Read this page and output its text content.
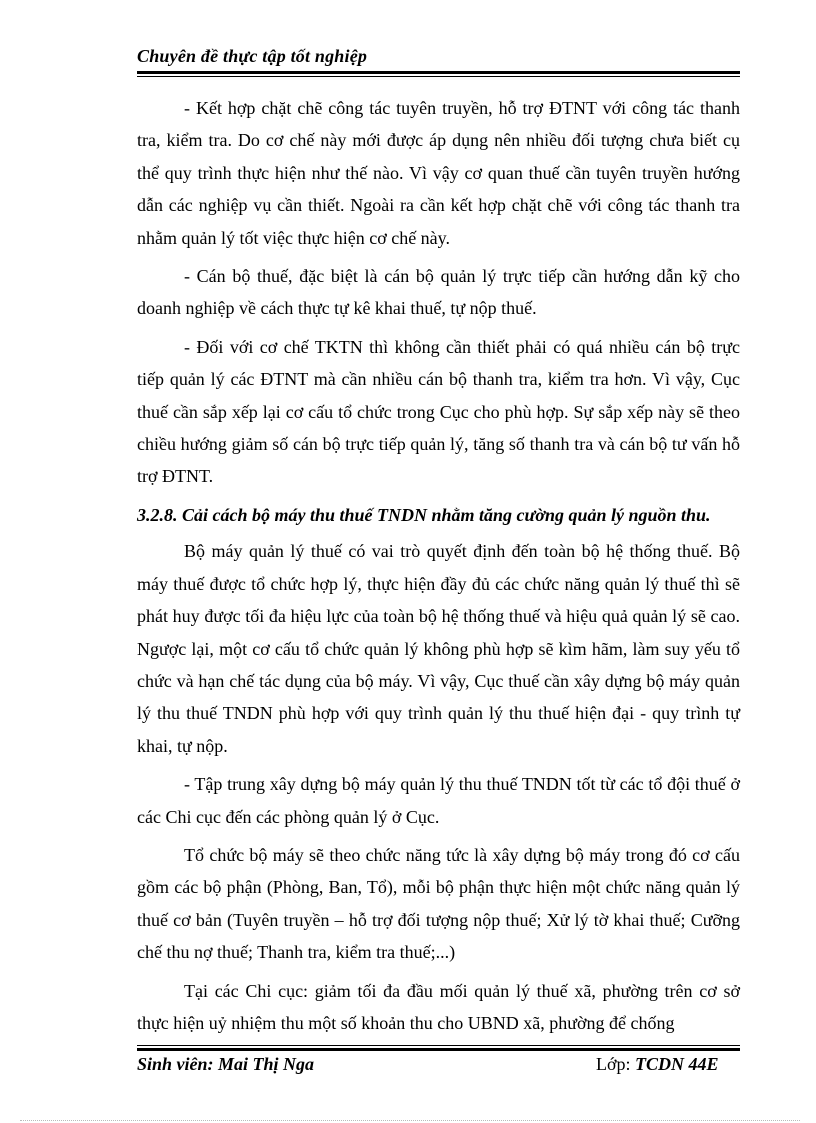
Chuyên đề thực tập tốt nghiệp

- Kết hợp chặt chẽ công tác tuyên truyền, hỗ trợ ĐTNT với công tác thanh tra, kiểm tra. Do cơ chế này mới được áp dụng nên nhiều đối tượng chưa biết cụ thể quy trình thực hiện như thế nào. Vì vậy cơ quan thuế cần tuyên truyền hướng dẫn các nghiệp vụ cần thiết. Ngoài ra cần kết hợp chặt chẽ với công tác thanh tra nhằm quản lý tốt việc thực hiện cơ chế này.

- Cán bộ thuế, đặc biệt là cán bộ quản lý trực tiếp cần hướng dẫn kỹ cho doanh nghiệp về cách thực tự kê khai thuế, tự nộp thuế.

- Đối với cơ chế TKTN thì không cần thiết phải có quá nhiều cán bộ trực tiếp quản lý các ĐTNT mà cần nhiều cán bộ thanh tra, kiểm tra hơn. Vì vậy, Cục thuế cần sắp xếp lại cơ cấu tổ chức trong Cục cho phù hợp. Sự sắp xếp này sẽ theo chiều hướng giảm số cán bộ trực tiếp quản lý, tăng số thanh tra và cán bộ tư vấn hỗ trợ ĐTNT.

3.2.8. Cải cách bộ máy thu thuế TNDN nhằm tăng cường quản lý nguồn thu.

Bộ máy quản lý thuế có vai trò quyết định đến toàn bộ hệ thống thuế. Bộ máy thuế được tổ chức hợp lý, thực hiện đầy đủ các chức năng quản lý thuế thì sẽ phát huy được tối đa hiệu lực của toàn bộ hệ thống thuế và hiệu quả quản lý sẽ cao. Ngược lại, một cơ cấu tổ chức quản lý không phù hợp sẽ kìm hãm, làm suy yếu tổ chức và hạn chế tác dụng của bộ máy. Vì vậy, Cục thuế cần xây dựng bộ máy quản lý thu thuế TNDN phù hợp với quy trình quản lý thu thuế hiện đại - quy trình tự khai, tự nộp.

- Tập trung xây dựng bộ máy quản lý thu thuế TNDN tốt từ các tổ đội thuế ở các Chi cục đến các phòng quản lý ở Cục.

Tổ chức bộ máy sẽ theo chức năng tức là xây dựng bộ máy trong đó cơ cấu gồm các bộ phận (Phòng, Ban, Tổ), mỗi bộ phận thực hiện một chức năng quản lý thuế cơ bản (Tuyên truyền – hỗ trợ đối tượng nộp thuế; Xử lý tờ khai thuế; Cưỡng chế thu nợ thuế; Thanh tra, kiểm tra thuế;...)

Tại các Chi cục: giảm tối đa đầu mối quản lý thuế xã, phường trên cơ sở thực hiện uỷ nhiệm thu một số khoản thu cho UBND xã, phường để chống

Sinh viên: Mai Thị Nga	Lớp: TCDN 44E
